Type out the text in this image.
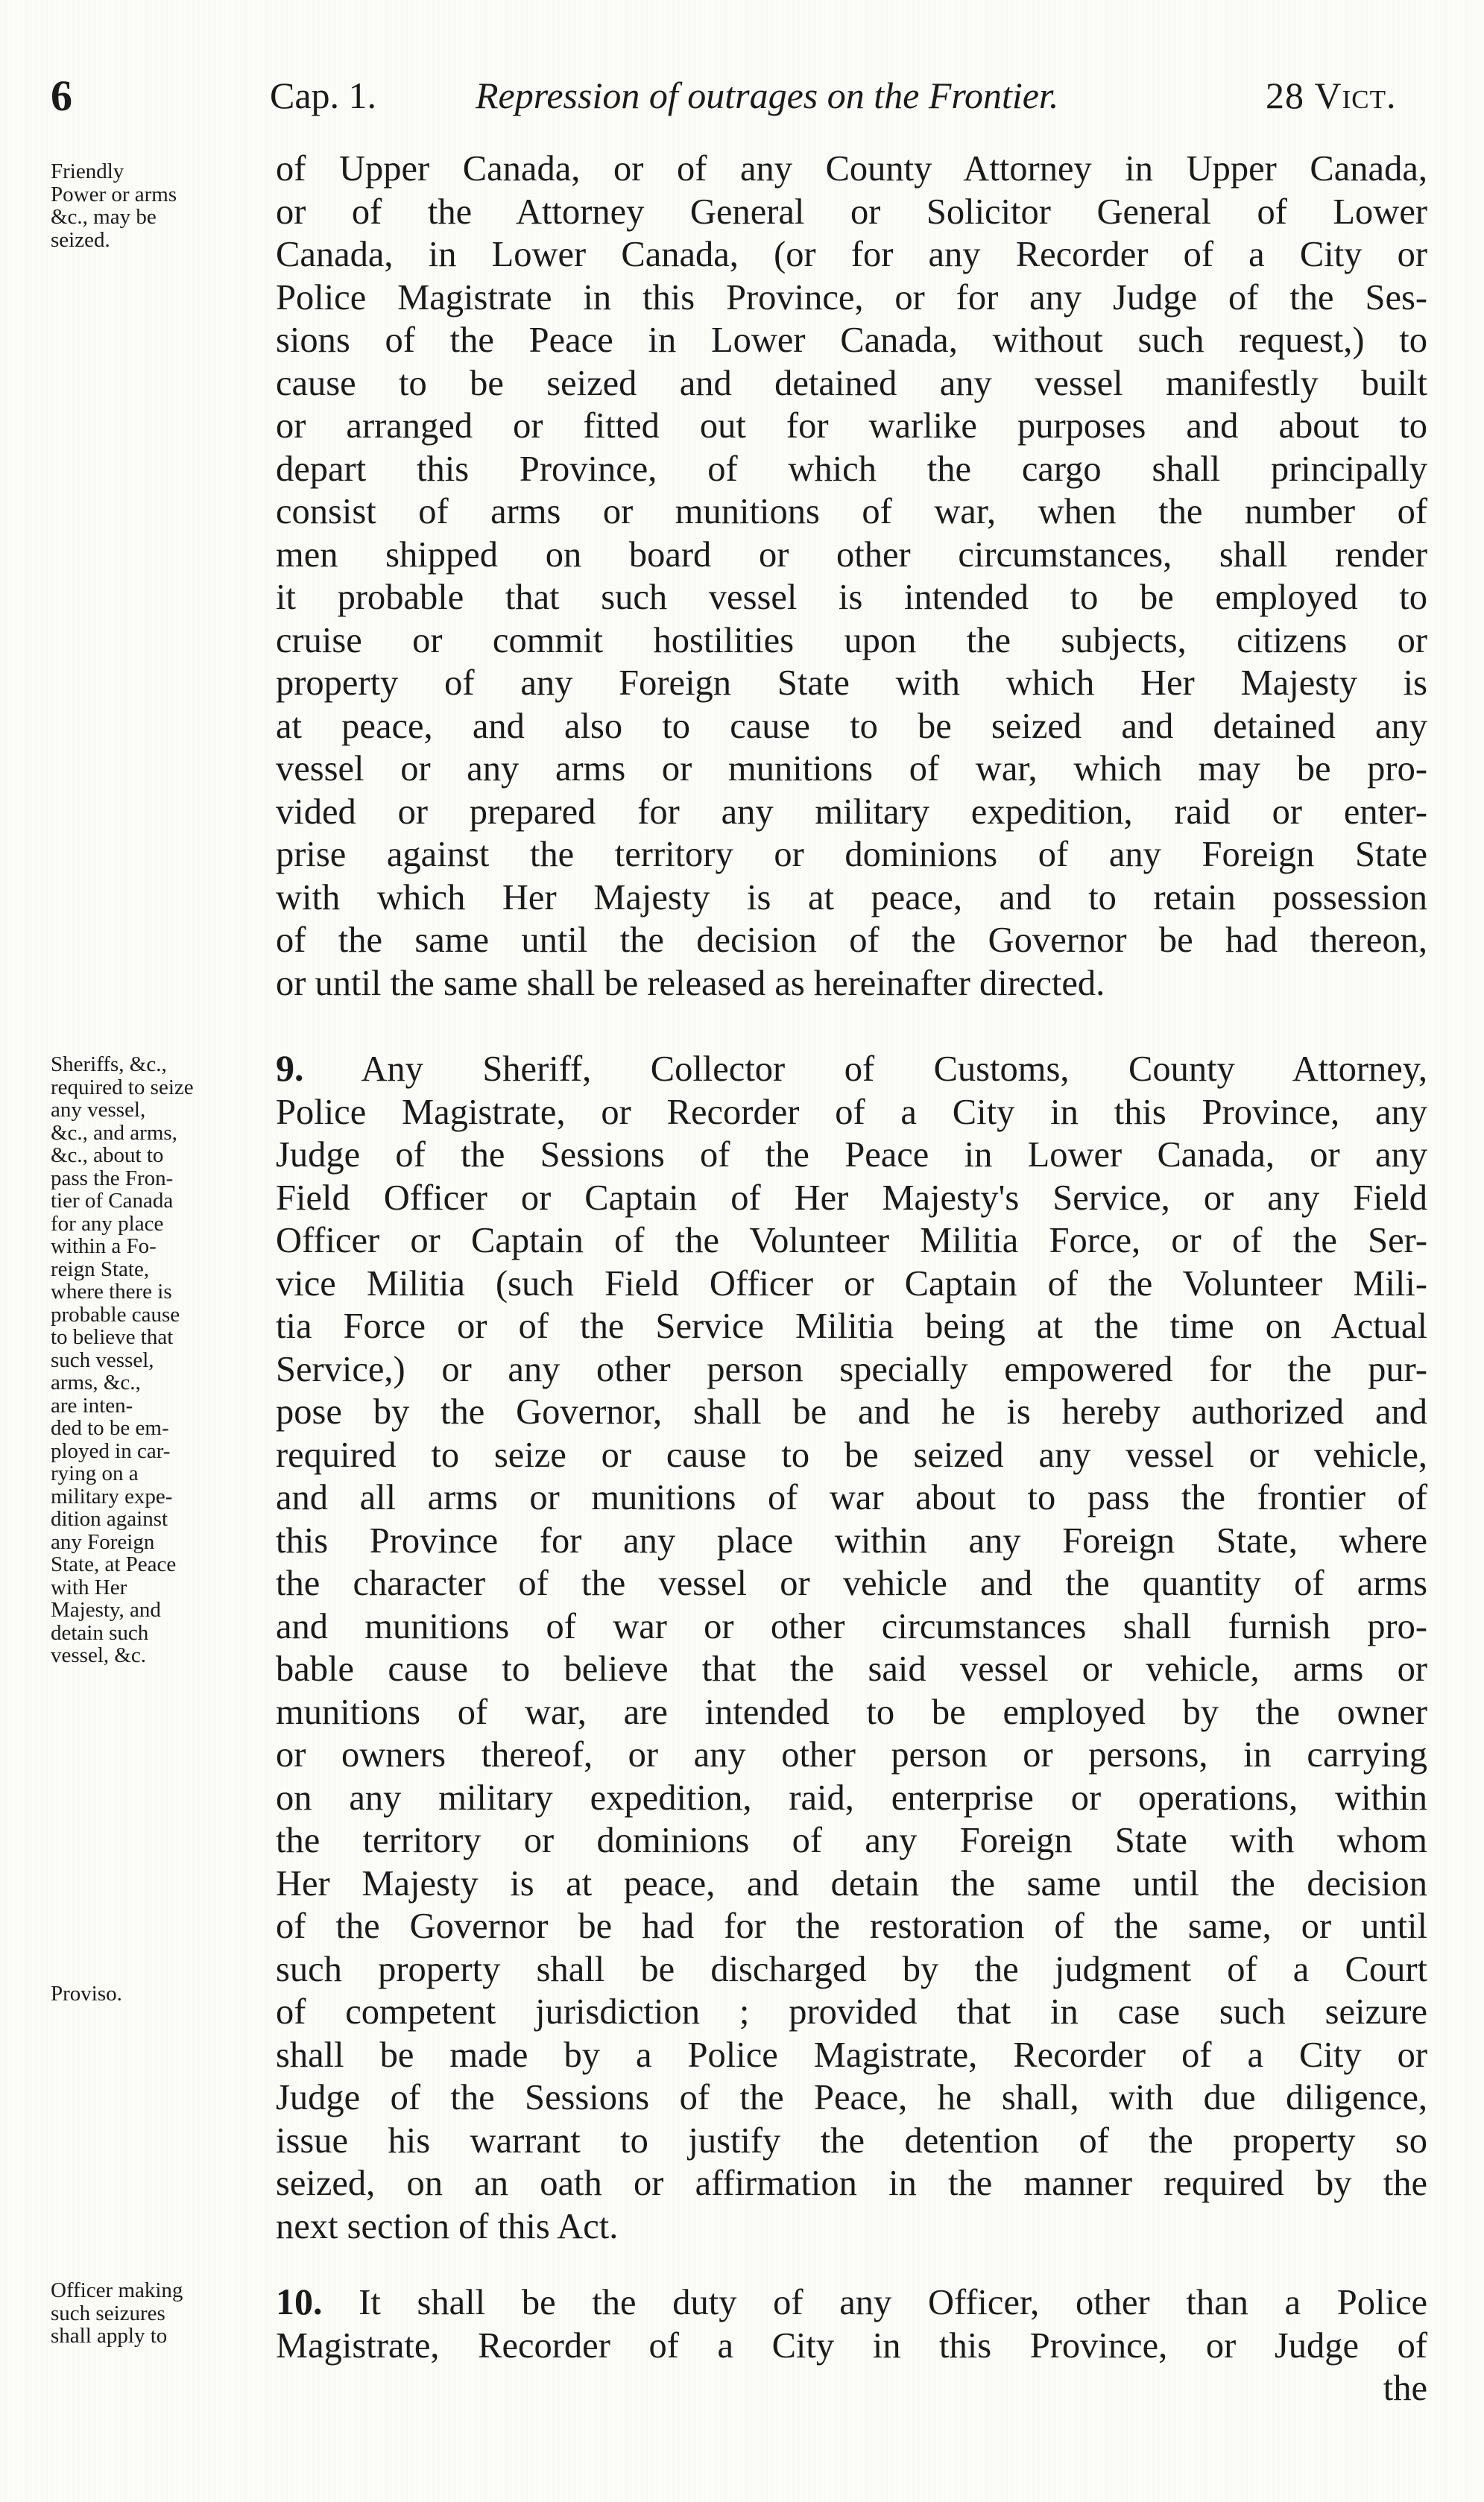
6	Cap. 1.	Repression of outrages on the Frontier.	28 Vict.
Friendly
Power or arms
&c., may be
seized.
Sheriffs, &c.,
required to seize
any vessel,
&c., and arms,
&c., about to
pass the Fron-
tier of Canada
for any place
within a Fo-
reign State,
where there is
probable cause
to believe that
such vessel,
arms, &c.,
are inten-
ded to be em-
ployed in car-
rying on a
military expe-
dition against
any Foreign
State, at Peace
with Her
Majesty, and
detain such
vessel, &c.
Proviso.
Officer making
such seizures
shall apply to
of Upper Canada, or of any County Attorney in Upper Canada,
or of the Attorney General or Solicitor General of Lower
Canada, in Lower Canada, (or for any Recorder of a City or
Police Magistrate in this Province, or for any Judge of the Ses-
sions of the Peace in Lower Canada, without such request,) to
cause to be seized and detained any vessel manifestly built
or arranged or fitted out for warlike purposes and about to
depart this Province, of which the cargo shall principally
consist of arms or munitions of war, when the number of
men shipped on board or other circumstances, shall render
it probable that such vessel is intended to be employed to
cruise or commit hostilities upon the subjects, citizens or
property of any Foreign State with which Her Majesty is
at peace, and also to cause to be seized and detained any
vessel or any arms or munitions of war, which may be pro-
vided or prepared for any military expedition, raid or enter-
prise against the territory or dominions of any Foreign State
with which Her Majesty is at peace, and to retain possession
of the same until the decision of the Governor be had thereon,
or until the same shall be released as hereinafter directed.
9. Any Sheriff, Collector of Customs, County Attorney,
Police Magistrate, or Recorder of a City in this Province, any
Judge of the Sessions of the Peace in Lower Canada, or any
Field Officer or Captain of Her Majesty's Service, or any Field
Officer or Captain of the Volunteer Militia Force, or of the Ser-
vice Militia (such Field Officer or Captain of the Volunteer Mili-
tia Force or of the Service Militia being at the time on Actual
Service,) or any other person specially empowered for the pur-
pose by the Governor, shall be and he is hereby authorized and
required to seize or cause to be seized any vessel or vehicle,
and all arms or munitions of war about to pass the frontier of
this Province for any place within any Foreign State, where
the character of the vessel or vehicle and the quantity of arms
and munitions of war or other circumstances shall furnish pro-
bable cause to believe that the said vessel or vehicle, arms or
munitions of war, are intended to be employed by the owner
or owners thereof, or any other person or persons, in carrying
on any military expedition, raid, enterprise or operations, within
the territory or dominions of any Foreign State with whom
Her Majesty is at peace, and detain the same until the decision
of the Governor be had for the restoration of the same, or until
such property shall be discharged by the judgment of a Court
of competent jurisdiction ; provided that in case such seizure
shall be made by a Police Magistrate, Recorder of a City or
Judge of the Sessions of the Peace, he shall, with due diligence,
issue his warrant to justify the detention of the property so
seized, on an oath or affirmation in the manner required by the
next section of this Act.
10. It shall be the duty of any Officer, other than a Police
Magistrate, Recorder of a City in this Province, or Judge of
the
